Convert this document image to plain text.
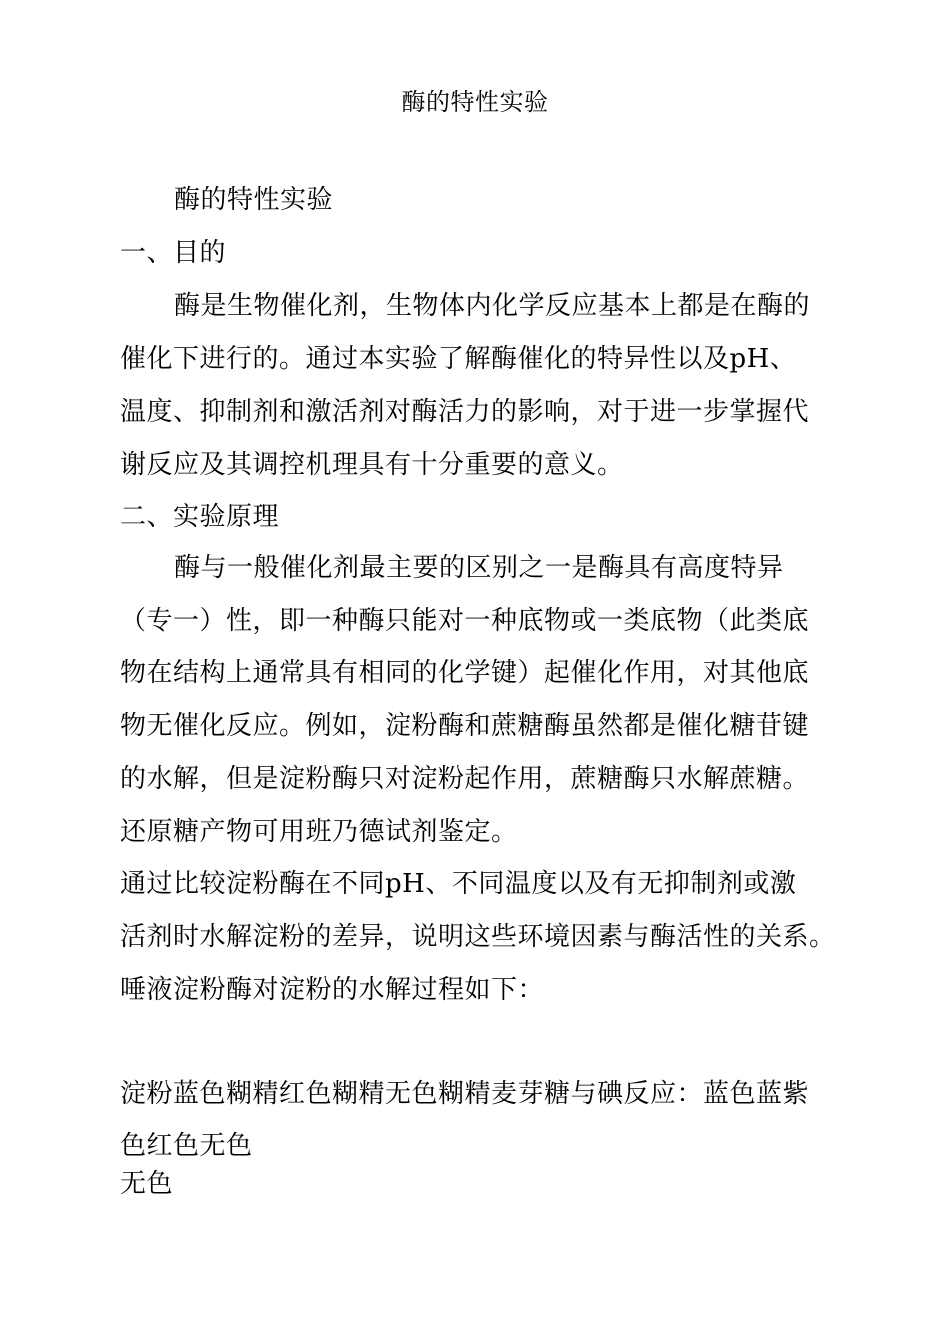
酶的特性实验
酶的特性实验
一、目的
酶是生物催化剂，生物体内化学反应基本上都是在酶的
催化下进行的。通过本实验了解酶催化的特异性以及pH、
温度、抑制剂和激活剂对酶活力的影响，对于进一步掌握代
谢反应及其调控机理具有十分重要的意义。
二、实验原理
酶与一般催化剂最主要的区别之一是酶具有高度特异
（专一）性，即一种酶只能对一种底物或一类底物（此类底
物在结构上通常具有相同的化学键）起催化作用，对其他底
物无催化反应。例如，淀粉酶和蔗糖酶虽然都是催化糖苷键
的水解，但是淀粉酶只对淀粉起作用，蔗糖酶只水解蔗糖。
还原糖产物可用班乃德试剂鉴定。
通过比较淀粉酶在不同pH、不同温度以及有无抑制剂或激
活剂时水解淀粉的差异，说明这些环境因素与酶活性的关系。
唾液淀粉酶对淀粉的水解过程如下：
淀粉蓝色糊精红色糊精无色糊精麦芽糖与碘反应：蓝色蓝紫
色红色无色
无色
